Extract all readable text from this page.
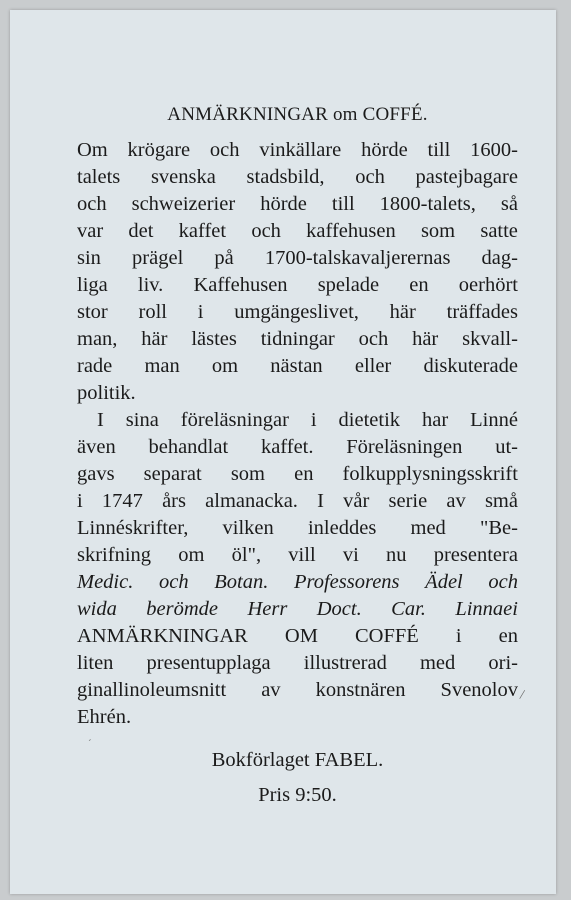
ANMÄRKNINGAR om COFFÉ.
Om krögare och vinkällare hörde till 1600-
talets svenska stadsbild, och pastejbagare
och schweizerier hörde till 1800-talets, så
var det kaffet och kaffehusen som satte
sin prägel på 1700-talskavaljerernas dag-
liga liv. Kaffehusen spelade en oerhört
stor roll i umgängeslivet, här träffades
man, här lästes tidningar och här skvall-
rade man om nästan eller diskuterade
politik.
I sina föreläsningar i dietetik har Linné
även behandlat kaffet. Föreläsningen ut-
gavs separat som en folkupplysningsskrift
i 1747 års almanacka. I vår serie av små
Linnéskrifter, vilken inleddes med "Be-
skrifning om öl", vill vi nu presentera
Medic. och Botan. Professorens Ädel och
wida berömde Herr Doct. Car. Linnaei
ANMÄRKNINGAR OM COFFÉ i en
liten presentupplaga illustrerad med ori-
ginallinoleumsnitt av konstnären Svenolov
Ehrén.
Bokförlaget FABEL.
Pris 9:50.
/
ˊ
